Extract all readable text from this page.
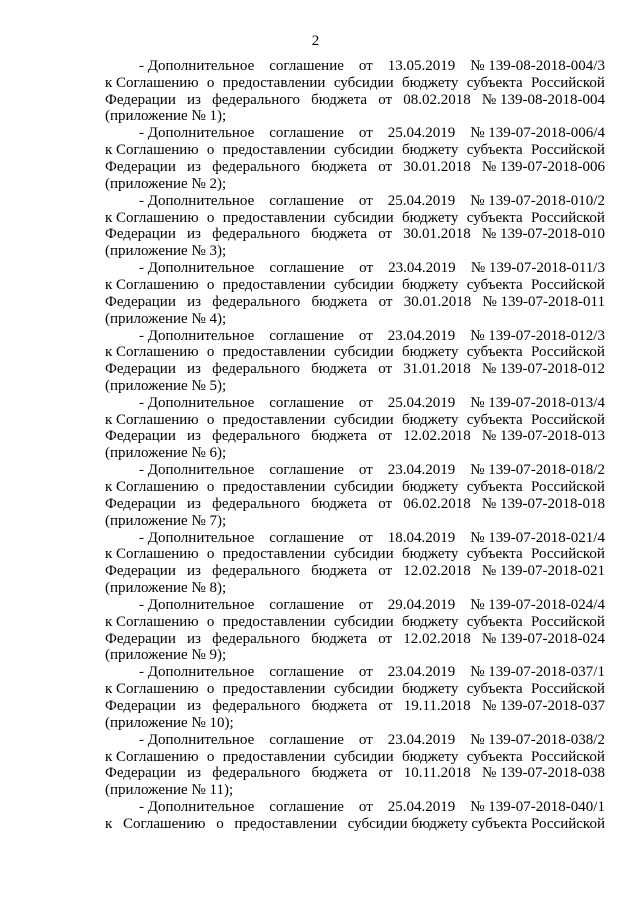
2
- Дополнительное соглашение от 13.05.2019 № 139-08-2018-004/3
к Соглашению о предоставлении субсидии бюджету субъекта Российской
Федерации из федерального бюджета от 08.02.2018 № 139-08-2018-004
(приложение № 1);
- Дополнительное соглашение от 25.04.2019 № 139-07-2018-006/4
к Соглашению о предоставлении субсидии бюджету субъекта Российской
Федерации из федерального бюджета от 30.01.2018 № 139-07-2018-006
(приложение № 2);
- Дополнительное соглашение от 25.04.2019 № 139-07-2018-010/2
к Соглашению о предоставлении субсидии бюджету субъекта Российской
Федерации из федерального бюджета от 30.01.2018 № 139-07-2018-010
(приложение № 3);
- Дополнительное соглашение от 23.04.2019 № 139-07-2018-011/3
к Соглашению о предоставлении субсидии бюджету субъекта Российской
Федерации из федерального бюджета от 30.01.2018 № 139-07-2018-011
(приложение № 4);
- Дополнительное соглашение от 23.04.2019 № 139-07-2018-012/3
к Соглашению о предоставлении субсидии бюджету субъекта Российской
Федерации из федерального бюджета от 31.01.2018 № 139-07-2018-012
(приложение № 5);
- Дополнительное соглашение от 25.04.2019 № 139-07-2018-013/4
к Соглашению о предоставлении субсидии бюджету субъекта Российской
Федерации из федерального бюджета от 12.02.2018 № 139-07-2018-013
(приложение № 6);
- Дополнительное соглашение от 23.04.2019 № 139-07-2018-018/2
к Соглашению о предоставлении субсидии бюджету субъекта Российской
Федерации из федерального бюджета от 06.02.2018 № 139-07-2018-018
(приложение № 7);
- Дополнительное соглашение от 18.04.2019 № 139-07-2018-021/4
к Соглашению о предоставлении субсидии бюджету субъекта Российской
Федерации из федерального бюджета от 12.02.2018 № 139-07-2018-021
(приложение № 8);
- Дополнительное соглашение от 29.04.2019 № 139-07-2018-024/4
к Соглашению о предоставлении субсидии бюджету субъекта Российской
Федерации из федерального бюджета от 12.02.2018 № 139-07-2018-024
(приложение № 9);
- Дополнительное соглашение от 23.04.2019 № 139-07-2018-037/1
к Соглашению о предоставлении субсидии бюджету субъекта Российской
Федерации из федерального бюджета от 19.11.2018 № 139-07-2018-037
(приложение № 10);
- Дополнительное соглашение от 23.04.2019 № 139-07-2018-038/2
к Соглашению о предоставлении субсидии бюджету субъекта Российской
Федерации из федерального бюджета от 10.11.2018 № 139-07-2018-038
(приложение № 11);
- Дополнительное соглашение от 25.04.2019 № 139-07-2018-040/1
к Соглашению о предоставлении субсидии бюджету субъекта Российской
